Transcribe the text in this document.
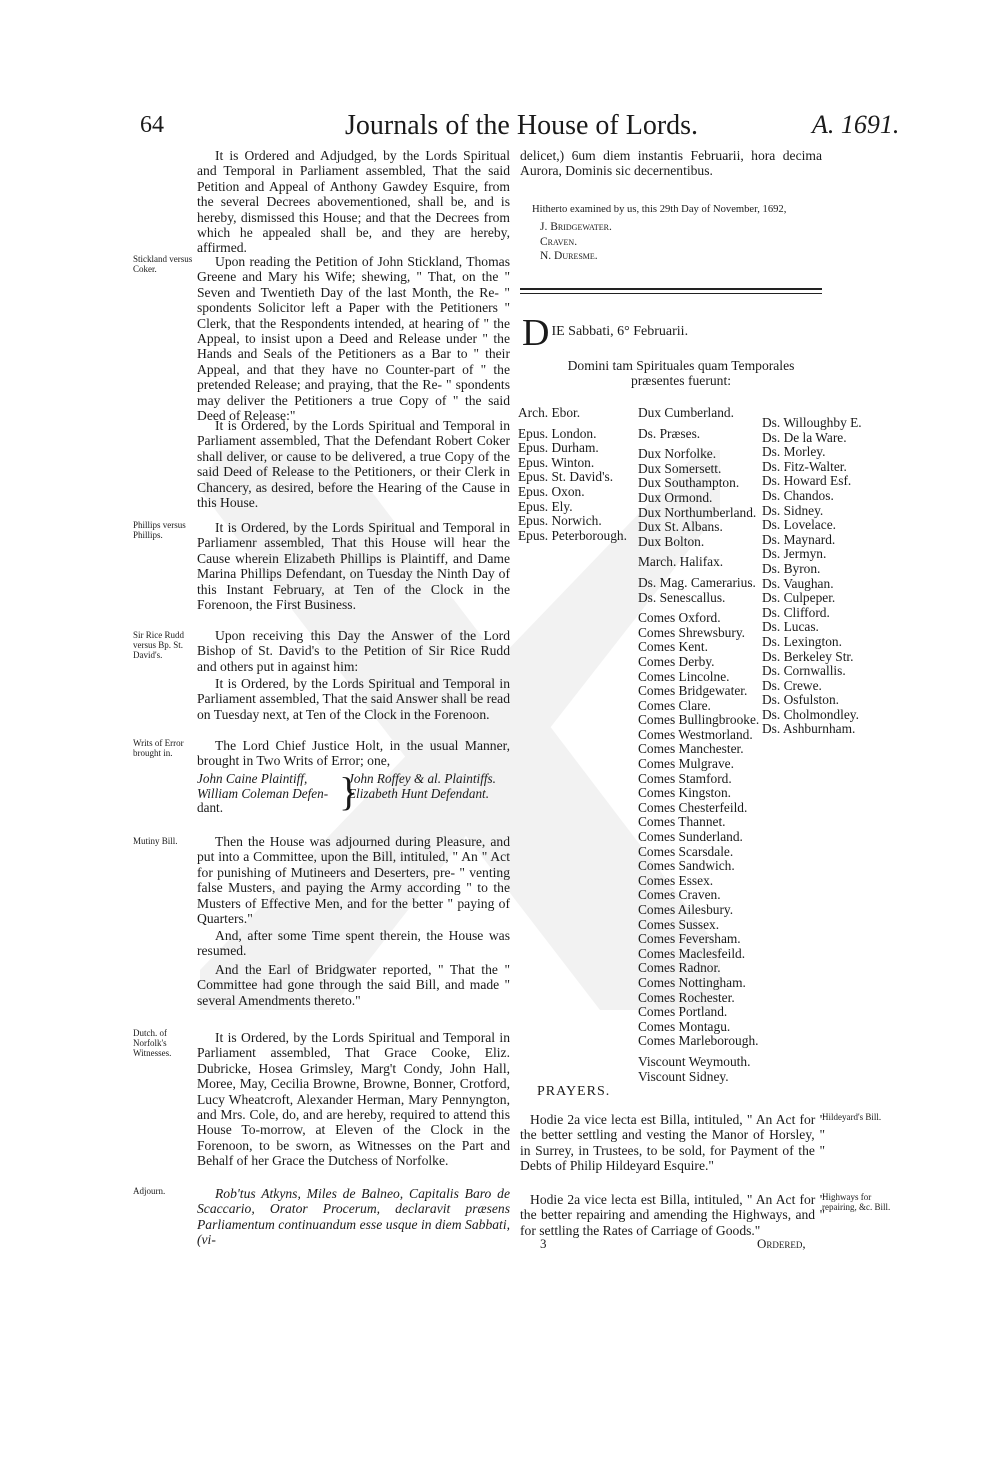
64	Journals of the House of Lords.	A. 1691.
It is Ordered and Adjudged, by the Lords Spiritual and Temporal in Parliament assembled, That the said Petition and Appeal of Anthony Gawdey Esquire, from the several Decrees abovementioned, shall be, and is hereby, dismissed this House; and that the Decrees from which he appealed shall be, and they are hereby, affirmed.
Stickland versus Coker.	Upon reading the Petition of John Stickland, Thomas Greene and Mary his Wife; shewing, " That, on the " Seven and Twentieth Day of the last Month, the Re- " spondents Solicitor left a Paper with the Petitioners " Clerk, that the Respondents intended, at hearing of " the Appeal, to insist upon a Deed and Release under " the Hands and Seals of the Petitioners as a Bar to " their Appeal, and that they have no Counter-part of " the pretended Release; and praying, that the Re- " spondents may deliver the Petitioners a true Copy of " the said Deed of Release:"
It is Ordered, by the Lords Spiritual and Temporal in Parliament assembled, That the Defendant Robert Coker shall deliver, or cause to be delivered, a true Copy of the said Deed of Release to the Petitioners, or their Clerk in Chancery, as desired, before the Hearing of the Cause in this House.
Phillips versus Phillips.	It is Ordered, by the Lords Spiritual and Temporal in Parliamenr assembled, That this House will hear the Cause wherein Elizabeth Phillips is Plaintiff, and Dame Marina Phillips Defendant, on Tuesday the Ninth Day of this Instant February, at Ten of the Clock in the Forenoon, the First Business.
Sir Rice Rudd versus Bp. St. David's.
Upon receiving this Day the Answer of the Lord Bishop of St. David's to the Petition of Sir Rice Rudd and others put in against him:
It is Ordered, by the Lords Spiritual and Temporal in Parliament assembled, That the said Answer shall be read on Tuesday next, at Ten of the Clock in the Forenoon.
Writs of Error brought in.	The Lord Chief Justice Holt, in the usual Manner, brought in Two Writs of Error; one,
John Caine Plaintiff,
William Coleman Defen-
dant.	}
John Roffey & al. Plaintiffs.
Elizabeth Hunt Defendant.
Mutiny Bill.	Then the House was adjourned during Pleasure, and put into a Committee, upon the Bill, intituled, " An " Act for punishing of Mutineers and Deserters, pre- " venting false Musters, and paying the Army according " to the Musters of Effective Men, and for the better " paying of Quarters."
And, after some Time spent therein, the House was resumed.
And the Earl of Bridgwater reported, " That the " Committee had gone through the said Bill, and made " several Amendments thereto."
Dutch. of Norfolk's Witnesses.
It is Ordered, by the Lords Spiritual and Temporal in Parliament assembled, That Grace Cooke, Eliz. Dubricke, Hosea Grimsley, Marg't Condy, John Hall, Moree, May, Cecilia Browne, Browne, Bonner, Crotford, Lucy Wheatcroft, Alexander Herman, Mary Pennyngton, and Mrs. Cole, do, and are hereby, required to attend this House To-morrow, at Eleven of the Clock in the Forenoon, to be sworn, as Witnesses on the Part and Behalf of her Grace the Dutchess of Norfolke.
Adjourn.	Rob'tus Atkyns, Miles de Balneo, Capitalis Baro de Scaccario, Orator Procerum, declaravit præsens Parliamentum continuandum esse usque in diem Sabbati, (vi-
delicet,) 6um diem instantis Februarii, hora decima Aurora, Dominis sic decernentibus.
Hitherto examined by us, this 29th Day of November, 1692,
J. Bridgewater.
Craven.
N. Duresme.
D IE Sabbati, 6° Februarii.
Domini tam Spirituales quam Temporales præsentes fuerunt:
Arch. Ebor.
Epus. London.
Epus. Durham.
Epus. Winton.
Epus. St. David's.
Epus. Oxon.
Epus. Ely.
Epus. Norwich.
Epus. Peterborough.
Dux Cumberland.
Ds. Præses.
Dux Norfolke.
Dux Somersett.
Dux Southampton.
Dux Ormond.
Dux Northumberland.
Dux St. Albans.
Dux Bolton.
March. Halifax.
Ds. Mag. Camerarius.
Ds. Senescallus.
Comes Oxford.
Comes Shrewsbury.
Comes Kent.
Comes Derby.
Comes Lincolne.
Comes Bridgewater.
Comes Clare.
Comes Bullingbrooke.
Comes Westmorland.
Comes Manchester.
Comes Mulgrave.
Comes Stamford.
Comes Kingston.
Comes Chesterfeild.
Comes Thannet.
Comes Sunderland.
Comes Scarsdale.
Comes Sandwich.
Comes Essex.
Comes Craven.
Comes Ailesbury.
Comes Sussex.
Comes Feversham.
Comes Maclesfeild.
Comes Radnor.
Comes Nottingham.
Comes Rochester.
Comes Portland.
Comes Montagu.
Comes Marleborough.
Viscount Weymouth.
Viscount Sidney.
Ds. Willoughby E.
Ds. De la Ware.
Ds. Morley.
Ds. Fitz-Walter.
Ds. Howard Esf.
Ds. Chandos.
Ds. Sidney.
Ds. Lovelace.
Ds. Maynard.
Ds. Jermyn.
Ds. Byron.
Ds. Vaughan.
Ds. Culpeper.
Ds. Clifford.
Ds. Lucas.
Ds. Lexington.
Ds. Berkeley Str.
Ds. Cornwallis.
Ds. Crewe.
Ds. Osfulston.
Ds. Cholmondley.
Ds. Ashburnham.
PRAYERS.
Hodie 2a vice lecta est Billa, intituled, " An Act for " the better settling and vesting the Manor of Horsley, " in Surrey, in Trustees, to be sold, for Payment of the " Debts of Philip Hildeyard Esquire."
Hildeyard's Bill.
Hodie 2a vice lecta est Billa, intituled, " An Act for " the better repairing and amending the Highways, and " for settling the Rates of Carriage of Goods."
Highways for repairing, &c. Bill.
3	Ordered,
